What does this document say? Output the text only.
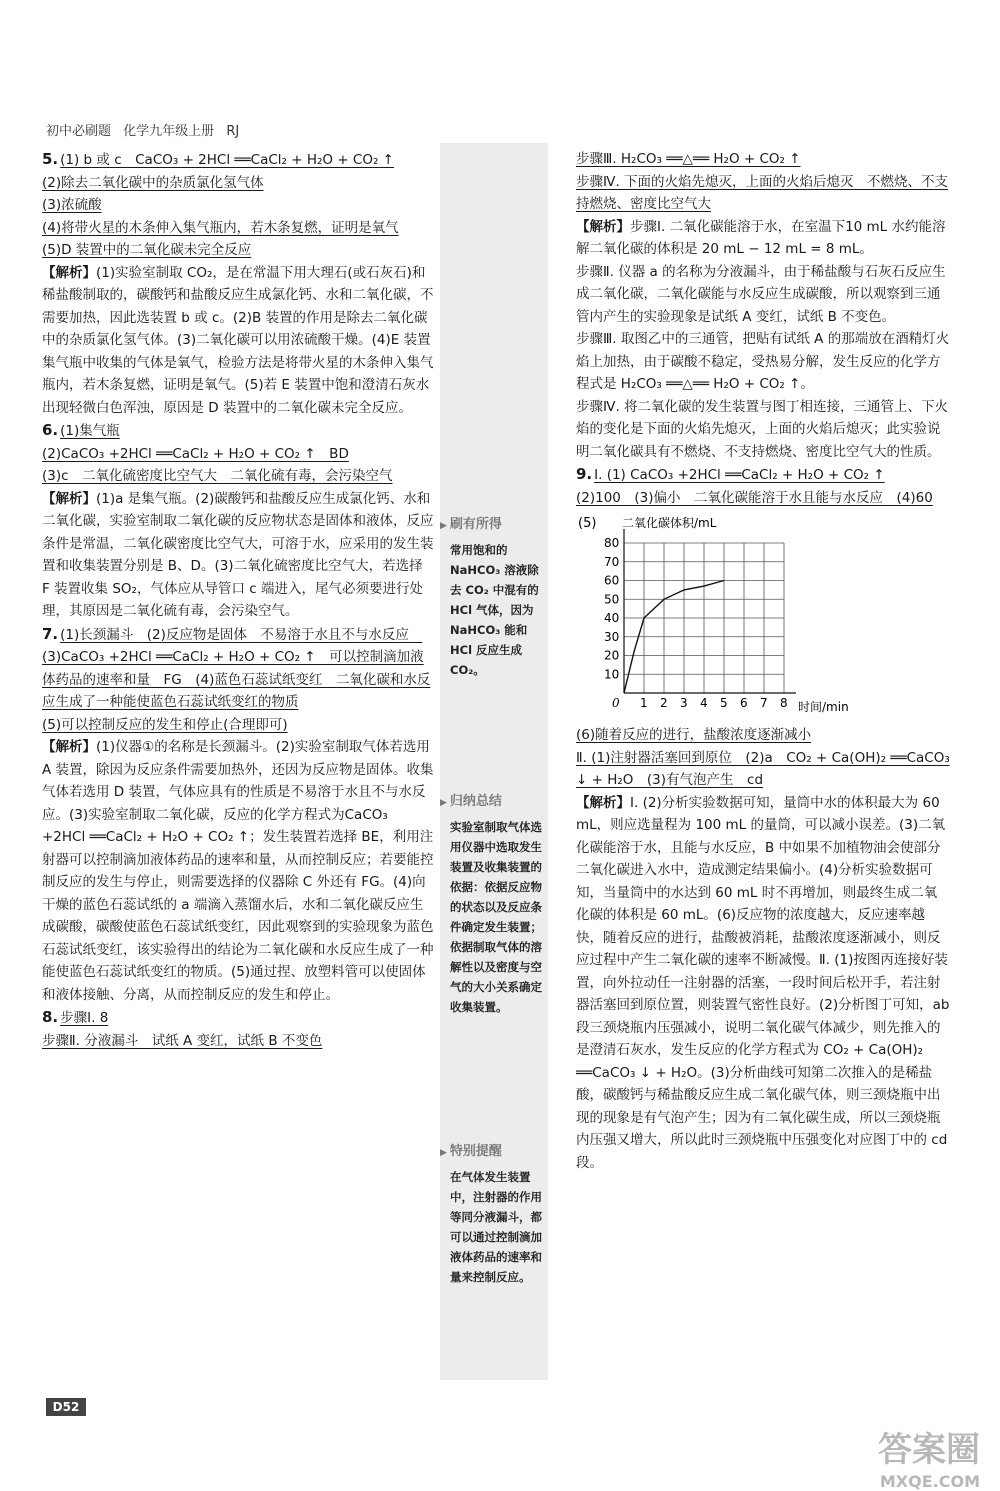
初中必刷题 化学九年级上册 RJ

5. (1) b 或 c　CaCO₃ + 2HCl ══CaCl₂ + H₂O + CO₂ ↑

(2)除去二氧化碳中的杂质氯化氢气体

(3)浓硫酸

(4)将带火星的木条伸入集气瓶内，若木条复燃，证明是氧气

(5)D 装置中的二氧化碳未完全反应

【解析】(1)实验室制取 CO₂，是在常温下用大理石(或石灰石)和稀盐酸制取的，碳酸钙和盐酸反应生成氯化钙、水和二氧化碳，不需要加热，因此选装置 b 或 c。(2)B 装置的作用是除去二氧化碳中的杂质氯化氢气体。(3)二氧化碳可以用浓硫酸干燥。(4)E 装置集气瓶中收集的气体是氧气，检验方法是将带火星的木条伸入集气瓶内，若木条复燃，证明是氧气。(5)若 E 装置中饱和澄清石灰水出现轻微白色浑浊，原因是 D 装置中的二氧化碳未完全反应。

6. (1)集气瓶

(2)CaCO₃ +2HCl ══CaCl₂ + H₂O + CO₂ ↑　BD

(3)c　二氧化硫密度比空气大　二氧化硫有毒，会污染空气

【解析】(1)a 是集气瓶。(2)碳酸钙和盐酸反应生成氯化钙、水和二氧化碳，实验室制取二氧化碳的反应物状态是固体和液体，反应条件是常温，二氧化碳密度比空气大，可溶于水，应采用的发生装置和收集装置分别是 B、D。(3)二氧化硫密度比空气大，若选择 F 装置收集 SO₂，气体应从导管口 c 端进入，尾气必须要进行处理，其原因是二氧化硫有毒，会污染空气。

7. (1)长颈漏斗　(2)反应物是固体　不易溶于水且不与水反应　(3)CaCO₃ +2HCl ══CaCl₂ + H₂O + CO₂ ↑　可以控制滴加液体药品的速率和量　FG　(4)蓝色石蕊试纸变红　二氧化碳和水反应生成了一种能使蓝色石蕊试纸变红的物质

(5)可以控制反应的发生和停止(合理即可)

【解析】(1)仪器①的名称是长颈漏斗。(2)实验室制取气体若选用 A 装置，除因为反应条件需要加热外，还因为反应物是固体。收集气体若选用 D 装置，气体应具有的性质是不易溶于水且不与水反应。(3)实验室制取二氧化碳，反应的化学方程式为CaCO₃ +2HCl ══CaCl₂ + H₂O + CO₂ ↑；发生装置若选择 BE，利用注射器可以控制滴加液体药品的速率和量，从而控制反应；若要能控制反应的发生与停止，则需要选择的仪器除 C 外还有 FG。(4)向干燥的蓝色石蕊试纸的 a 端滴入蒸馏水后，水和二氧化碳反应生成碳酸，碳酸使蓝色石蕊试纸变红，因此观察到的实验现象为蓝色石蕊试纸变红，该实验得出的结论为二氧化碳和水反应生成了一种能使蓝色石蕊试纸变红的物质。(5)通过捏、放塑料管可以使固体和液体接触、分离，从而控制反应的发生和停止。

8. 步骤Ⅰ. 8

步骤Ⅱ. 分液漏斗　试纸 A 变红，试纸 B 不变色

▶ 刷有所得
常用饱和的 NaHCO₃ 溶液除去 CO₂ 中混有的 HCl 气体，因为 NaHCO₃ 能和 HCl 反应生成 CO₂。
▶ 归纳总结
实验室制取气体选用仪器中选取发生装置及收集装置的依据：依据反应物的状态以及反应条件确定发生装置；依据制取气体的溶解性以及密度与空气的大小关系确定收集装置。
▶ 特别提醒
在气体发生装置中，注射器的作用等同分液漏斗，都可以通过控制滴加液体药品的速率和量来控制反应。

步骤Ⅲ. H₂CO₃ ══△══ H₂O + CO₂ ↑

步骤Ⅳ. 下面的火焰先熄灭，上面的火焰后熄灭　不燃烧、不支持燃烧、密度比空气大

【解析】步骤Ⅰ. 二氧化碳能溶于水，在室温下10 mL 水约能溶解二氧化碳的体积是 20 mL − 12 mL = 8 mL。

步骤Ⅱ. 仪器 a 的名称为分液漏斗，由于稀盐酸与石灰石反应生成二氧化碳，二氧化碳能与水反应生成碳酸，所以观察到三通管内产生的实验现象是试纸 A 变红，试纸 B 不变色。

步骤Ⅲ. 取图乙中的三通管，把贴有试纸 A 的那端放在酒精灯火焰上加热，由于碳酸不稳定，受热易分解，发生反应的化学方程式是 H₂CO₃ ══△══ H₂O + CO₂ ↑。

步骤Ⅳ. 将二氧化碳的发生装置与图丁相连接，三通管上、下火焰的变化是下面的火焰先熄灭，上面的火焰后熄灭；此实验说明二氧化碳具有不燃烧、不支持燃烧、密度比空气大的性质。

9. Ⅰ. (1) CaCO₃ +2HCl ══CaCl₂ + H₂O + CO₂ ↑

(2)100　(3)偏小　二氧化碳能溶于水且能与水反应　(4)60

(5) 二氧化碳体积/mL
时间/min
0 1 2 3 4 5 6 7 8
10
20
30
40
50
60
70
80

(6)随着反应的进行，盐酸浓度逐渐减小

Ⅱ. (1)注射器活塞回到原位　(2)a　CO₂ + Ca(OH)₂ ══CaCO₃ ↓ + H₂O　(3)有气泡产生　cd

【解析】Ⅰ. (2)分析实验数据可知，量筒中水的体积最大为 60 mL，则应选量程为 100 mL 的量筒，可以减小误差。(3)二氧化碳能溶于水，且能与水反应，B 中如果不加植物油会使部分二氧化碳进入水中，造成测定结果偏小。(4)分析实验数据可知，当量筒中的水达到 60 mL 时不再增加，则最终生成二氧化碳的体积是 60 mL。(6)反应物的浓度越大，反应速率越快，随着反应的进行，盐酸被消耗，盐酸浓度逐渐减小，则反应过程中产生二氧化碳的速率不断减慢。Ⅱ. (1)按图丙连接好装置，向外拉动任一注射器的活塞，一段时间后松开手，若注射器活塞回到原位置，则装置气密性良好。(2)分析图丁可知，ab 段三颈烧瓶内压强减小，说明二氧化碳气体减少，则先推入的是澄清石灰水，发生反应的化学方程式为 CO₂ + Ca(OH)₂ ══CaCO₃ ↓ + H₂O。(3)分析曲线可知第二次推入的是稀盐酸，碳酸钙与稀盐酸反应生成二氧化碳气体，则三颈烧瓶中出现的现象是有气泡产生；因为有二氧化碳生成，所以三颈烧瓶内压强又增大，所以此时三颈烧瓶中压强变化对应图丁中的 cd 段。

D52
答案圈
MXQE.COM
